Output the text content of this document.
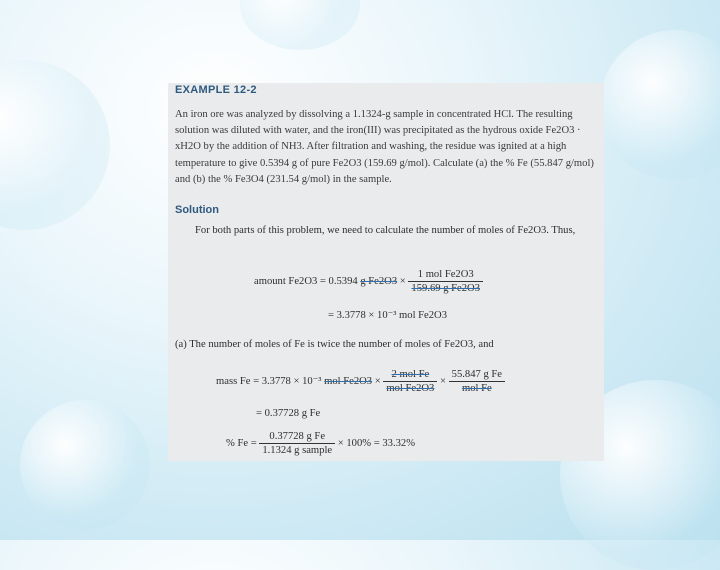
EXAMPLE 12-2
An iron ore was analyzed by dissolving a 1.1324-g sample in concentrated HCl. The resulting solution was diluted with water, and the iron(III) was precipitated as the hydrous oxide Fe2O3 · xH2O by the addition of NH3. After filtration and washing, the residue was ignited at a high temperature to give 0.5394 g of pure Fe2O3 (159.69 g/mol). Calculate (a) the % Fe (55.847 g/mol) and (b) the % Fe3O4 (231.54 g/mol) in the sample.
Solution
For both parts of this problem, we need to calculate the number of moles of Fe2O3. Thus,
amount Fe2O3 = 0.5394 g $Fe2O3 \times \frac{\text{1 mol Fe2O3}}{\text{159.69 g Fe2O3}}$
= 3.3778 × 10⁻³ mol Fe2O3
(a) The number of moles of Fe is twice the number of moles of Fe2O3, and
mass Fe = 3.3778 × 10⁻³ mol $Fe2O3 \times \frac{\text{2 mol Fe}}{\text{mol Fe2O3}} \times \frac{\text{55.847 g Fe}}{\text{mol Fe}}$
= 0.37728 g Fe
% $Fe = \frac{\text{0.37728 g Fe}}{\text{1.1324 g sample}} \times 100\% = 33.32\%$
